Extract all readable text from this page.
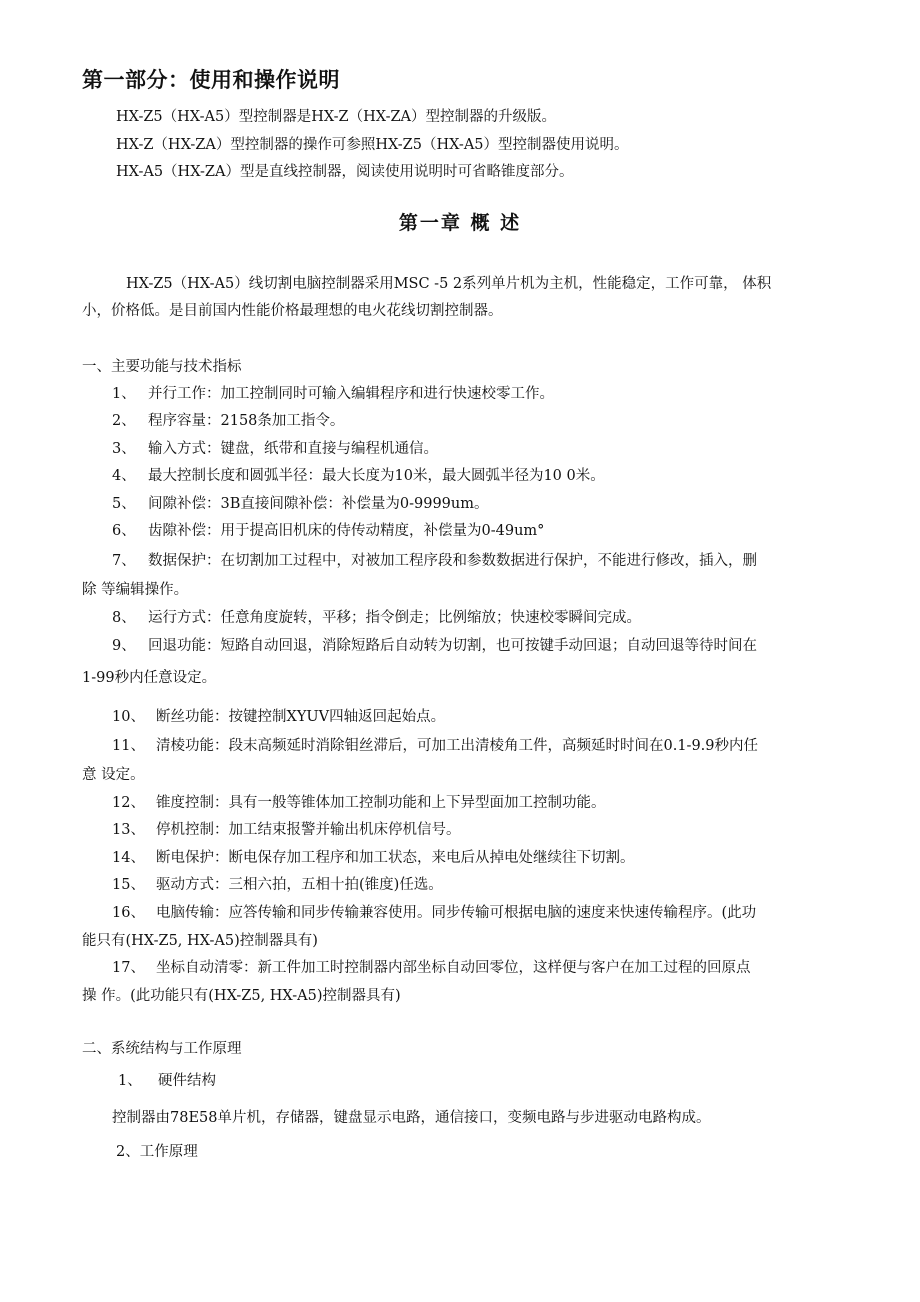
第一部分：使用和操作说明
HX-Z5（HX-A5）型控制器是HX-Z（HX-ZA）型控制器的升级版。
HX-Z（HX-ZA）型控制器的操作可参照HX-Z5（HX-A5）型控制器使用说明。
HX-A5（HX-ZA）型是直线控制器，阅读使用说明时可省略锥度部分。
第一章 概 述
HX-Z5（HX-A5）线切割电脑控制器采用MSC -5 2系列单片机为主机，性能稳定，工作可靠， 体积
小，价格低。是目前国内性能价格最理想的电火花线切割控制器。
一、主要功能与技术指标
1、 并行工作：加工控制同时可输入编辑程序和进行快速校零工作。
2、 程序容量：2158条加工指令。
3、 输入方式：键盘，纸带和直接与编程机通信。
4、 最大控制长度和圆弧半径：最大长度为10米，最大圆弧半径为10 0米。
5、 间隙补偿：3B直接间隙补偿：补偿量为0-9999um。
6、 齿隙补偿：用于提高旧机床的侍传动精度，补偿量为0-49um°
7、 数据保护：在切割加工过程中，对被加工程序段和参数数据进行保护，不能进行修改，插入，删
除 等编辑操作。
8、 运行方式：任意角度旋转，平移；指令倒走；比例缩放；快速校零瞬间完成。
9、 回退功能：短路自动回退，消除短路后自动转为切割，也可按键手动回退；自动回退等待时间在
1-99秒内任意设定。
10、 断丝功能：按键控制XYUV四轴返回起始点。
11、 清棱功能：段末高频延时消除钼丝滞后，可加工出清棱角工件，高频延时时间在0.1-9.9秒内任
意 设定。
12、 锥度控制：具有一般等锥体加工控制功能和上下异型面加工控制功能。
13、 停机控制：加工结束报警并输出机床停机信号。
14、 断电保护：断电保存加工程序和加工状态，来电后从掉电处继续往下切割。
15、 驱动方式：三相六拍，五相十拍(锥度)任选。
16、 电脑传输：应答传输和同步传输兼容使用。同步传输可根据电脑的速度来快速传输程序。(此功
能只有(HX-Z5, HX-A5)控制器具有)
17、 坐标自动清零：新工件加工时控制器内部坐标自动回零位，这样便与客户在加工过程的回原点
操 作。(此功能只有(HX-Z5, HX-A5)控制器具有)
二、系统结构与工作原理
1、 硬件结构
控制器由78E58单片机，存储器，键盘显示电路，通信接口，变频电路与步进驱动电路构成。
2、工作原理
